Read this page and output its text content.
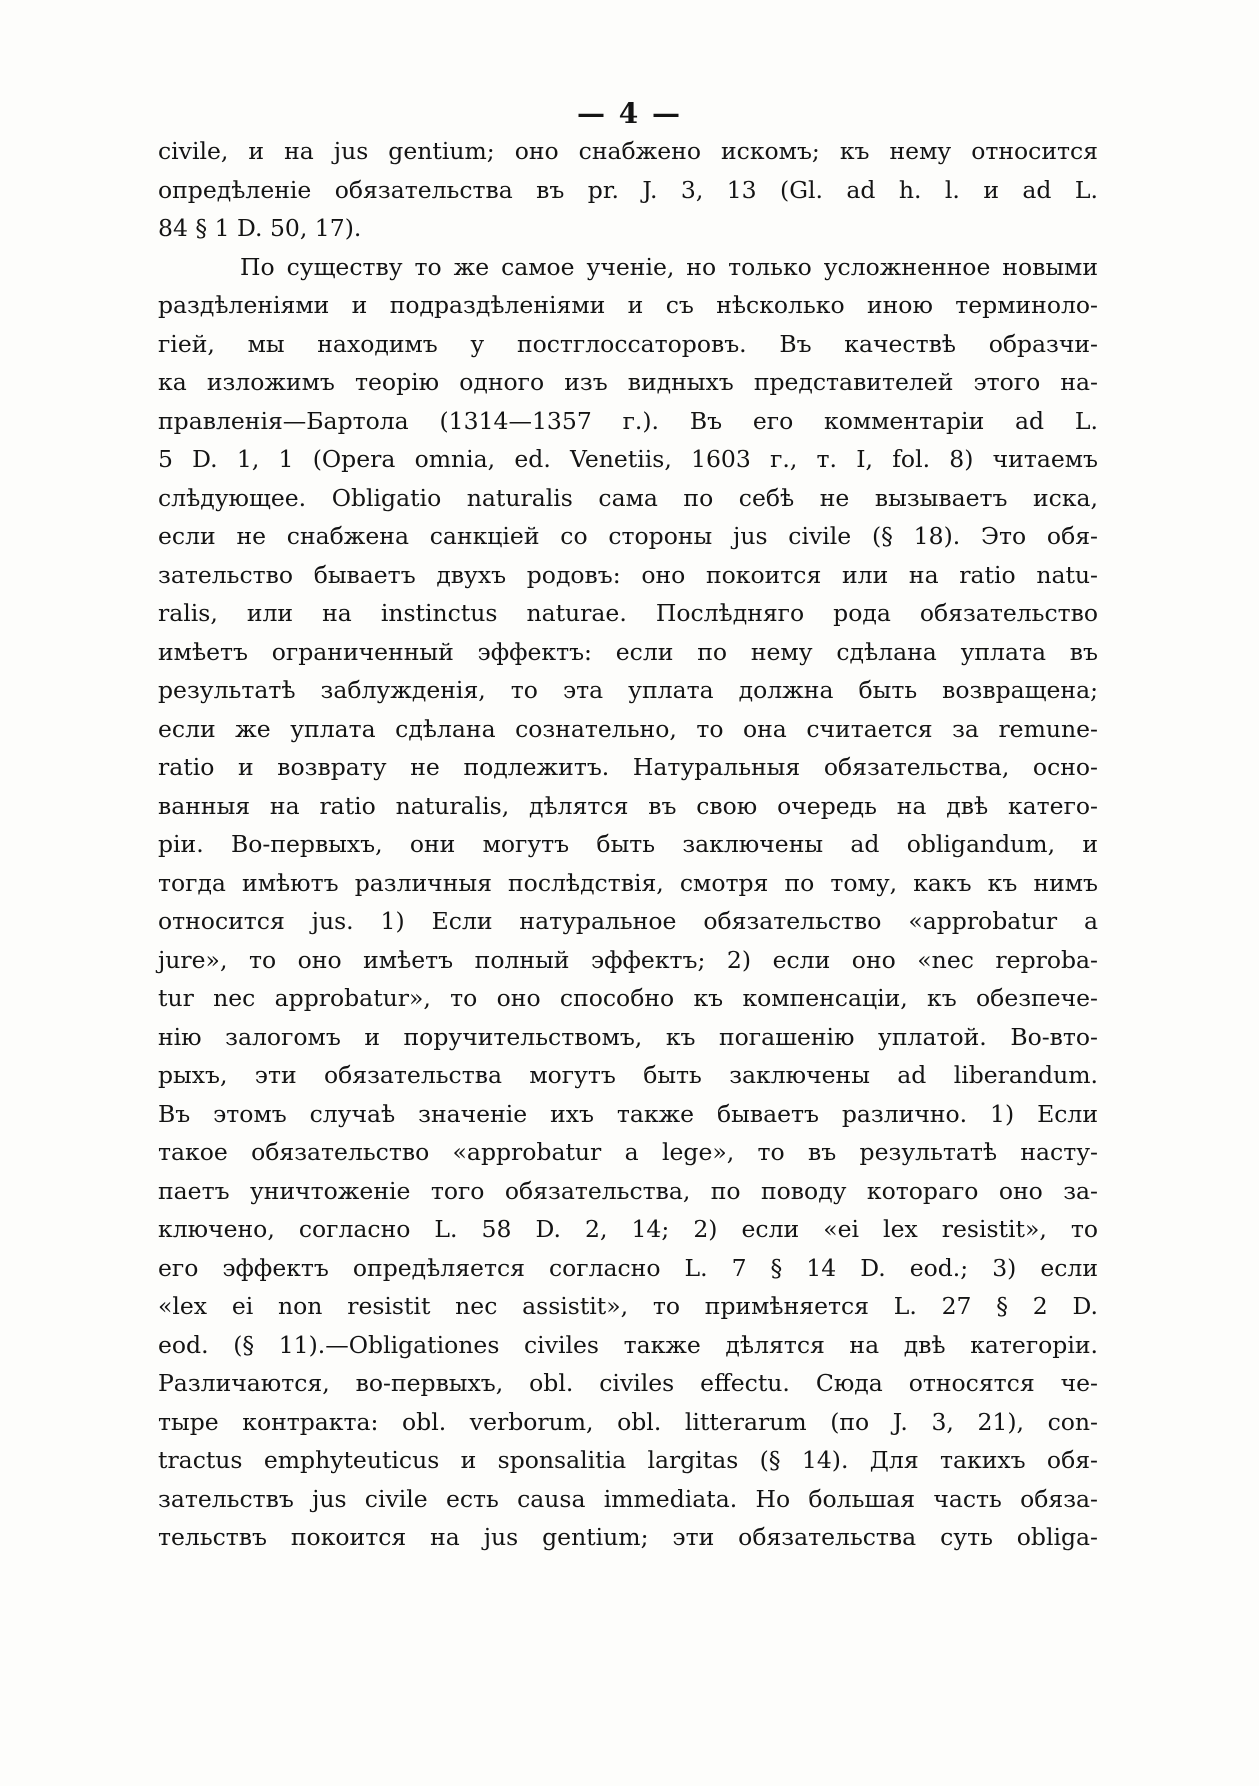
— 4 —
civile, и на jus gentium; оно снабжено искомъ; къ нему относится
опредѣленіе обязательства въ pr. J. 3, 13 (Gl. ad h. l. и ad L.
84 § 1 D. 50, 17).
По существу то же самое ученіе, но только усложненное новыми
раздѣленіями и подраздѣленіями и съ нѣсколько иною терминоло-
гіей, мы находимъ у постглоссаторовъ. Въ качествѣ образчи-
ка изложимъ теорію одного изъ видныхъ представителей этого на-
правленія—Бартола (1314—1357 г.). Въ его комментаріи ad L.
5 D. 1, 1 (Opera omnia, ed. Venetiis, 1603 г., т. I, fol. 8) читаемъ
слѣдующее. Obligatio naturalis сама по себѣ не вызываетъ иска,
если не снабжена санкціей со стороны jus civile (§ 18). Это обя-
зательство бываетъ двухъ родовъ: оно покоится или на ratio natu-
ralis, или на instinctus naturae. Послѣдняго рода обязательство
имѣетъ ограниченный эффектъ: если по нему сдѣлана уплата въ
результатѣ заблужденія, то эта уплата должна быть возвращена;
если же уплата сдѣлана сознательно, то она считается за remune-
ratio и возврату не подлежитъ. Натуральныя обязательства, осно-
ванныя на ratio naturalis, дѣлятся въ свою очередь на двѣ катего-
ріи. Во-первыхъ, они могутъ быть заключены ad obligandum, и
тогда имѣютъ различныя послѣдствія, смотря по тому, какъ къ нимъ
относится jus. 1) Если натуральное обязательство «approbatur a
jure», то оно имѣетъ полный эффектъ; 2) если оно «nec reproba-
tur nec approbatur», то оно способно къ компенсаціи, къ обезпече-
нію залогомъ и поручительствомъ, къ погашенію уплатой. Во-вто-
рыхъ, эти обязательства могутъ быть заключены ad liberandum.
Въ этомъ случаѣ значеніе ихъ также бываетъ различно. 1) Если
такое обязательство «approbatur a lege», то въ результатѣ насту-
паетъ уничтоженіе того обязательства, по поводу котораго оно за-
ключено, согласно L. 58 D. 2, 14; 2) если «ei lex resistit», то
его эффектъ опредѣляется согласно L. 7 § 14 D. eod.; 3) если
«lex ei non resistit nec assistit», то примѣняется L. 27 § 2 D.
eod. (§ 11).—Obligationes civiles также дѣлятся на двѣ категоріи.
Различаются, во-первыхъ, obl. civiles effectu. Сюда относятся че-
тыре контракта: obl. verborum, obl. litterarum (по J. 3, 21), con-
tractus emphyteuticus и sponsalitia largitas (§ 14). Для такихъ обя-
зательствъ jus civile есть causa immediata. Но большая часть обяза-
тельствъ покоится на jus gentium; эти обязательства суть obliga-
